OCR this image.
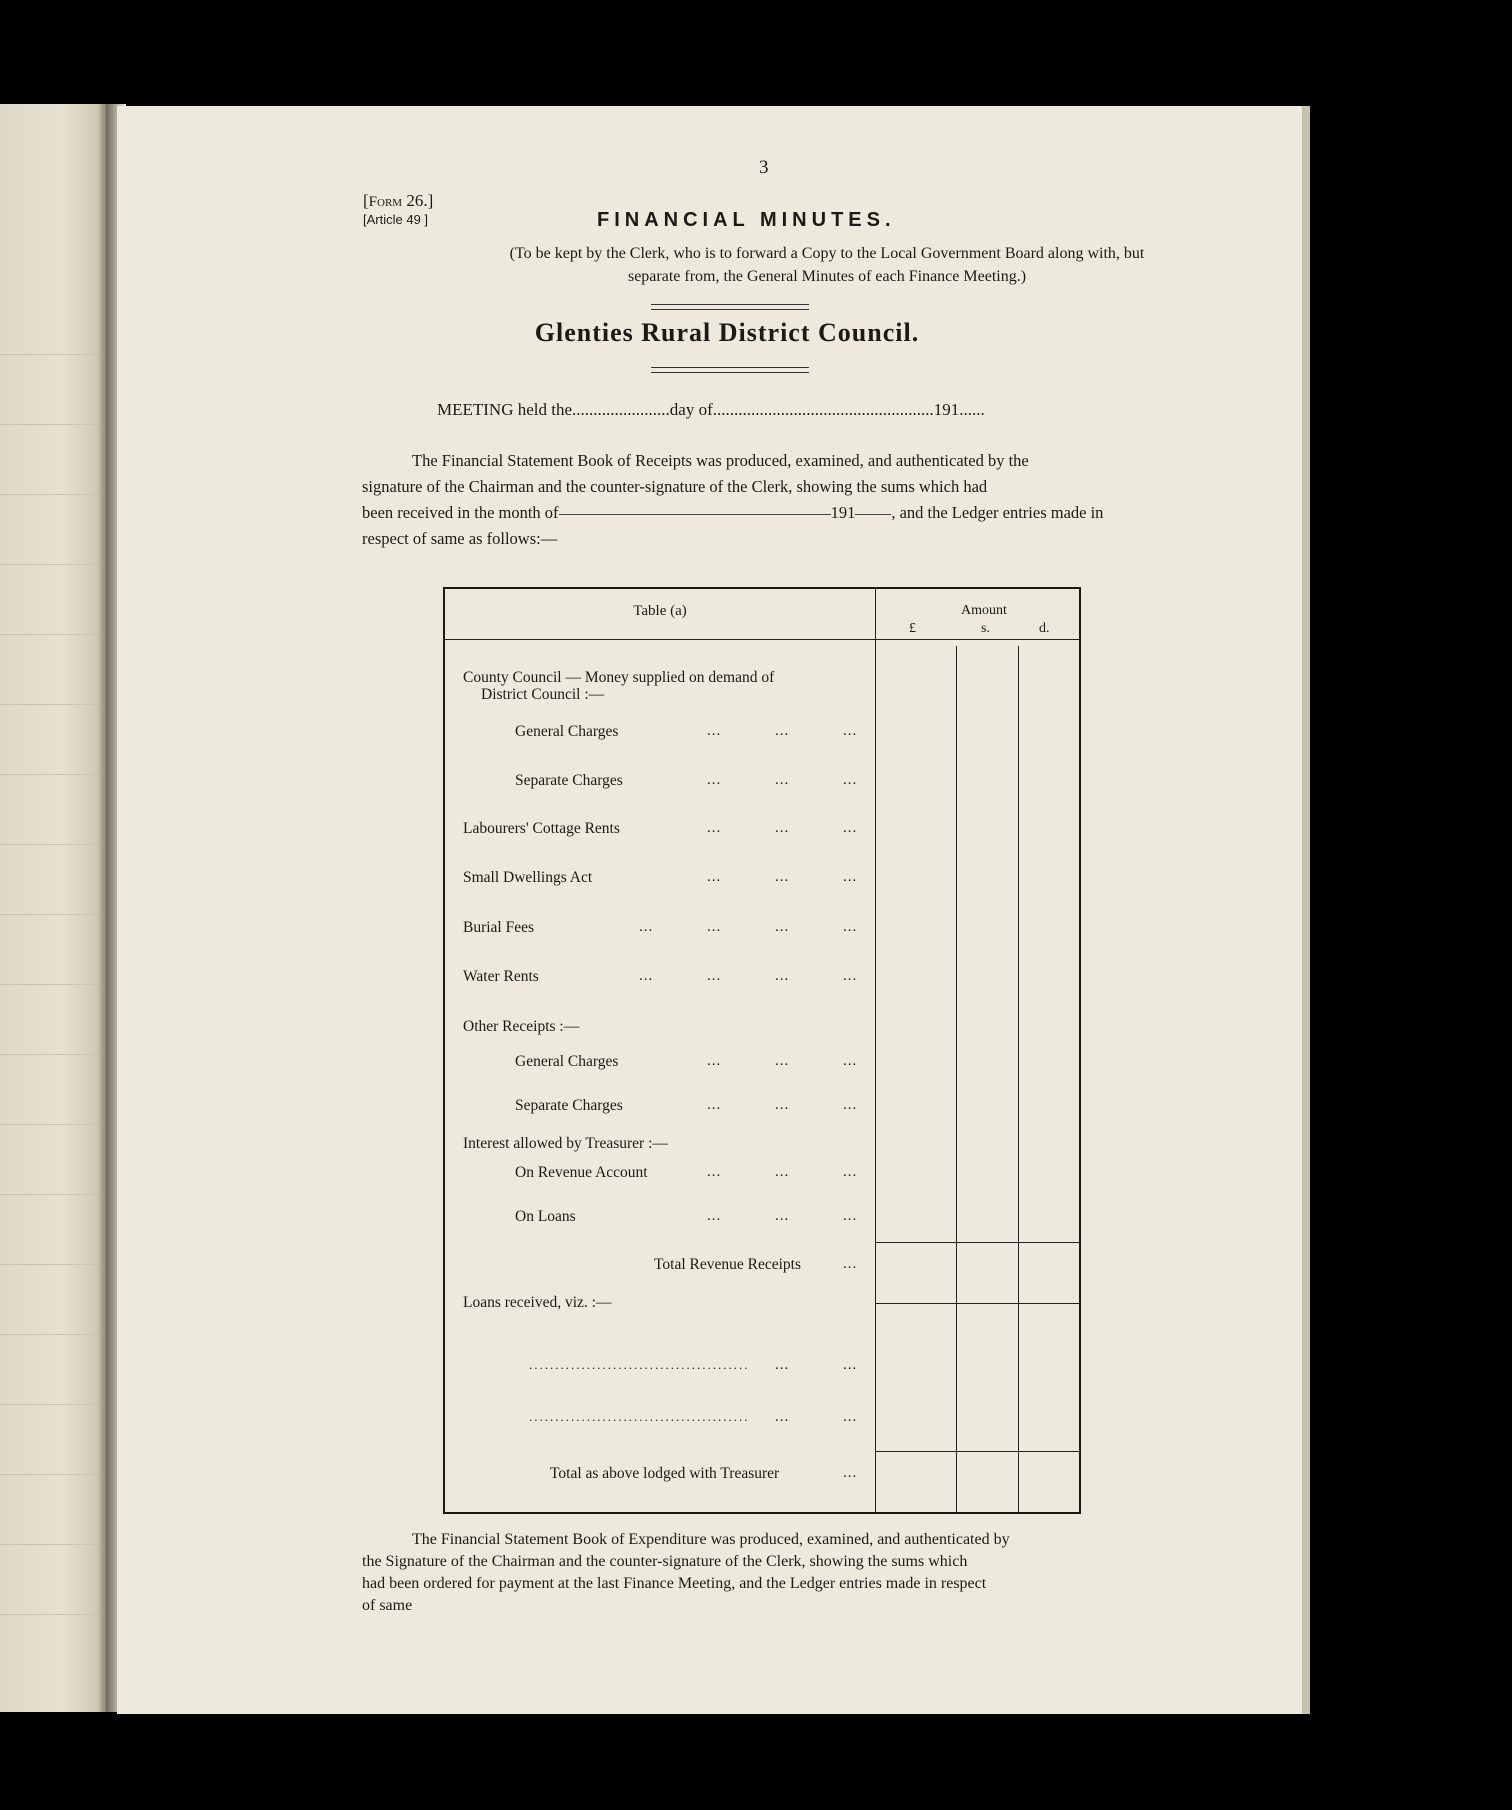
3
[Form 26.]
[Article 49 ]	FINANCIAL MINUTES.
(To be kept by the Clerk, who is to forward a Copy to the Local Government Board along with, but
separate from, the General Minutes of each Finance Meeting.)
Glenties Rural District Council.
MEETING held the.......................day of....................................................191......
The Financial Statement Book of Receipts was produced, examined, and authenticated by the
signature of the Chairman and the counter-signature of the Clerk, showing the sums which had
been received in the month of	191 , and the Ledger entries made in
respect of same as follows:—
Table (a)	Amount
£	s.	d.
County Council — Money supplied on demand of
District Council :—
General Charges	...	...	...
Separate Charges	...	...	...
Labourers' Cottage Rents	...	...	...
Small Dwellings Act	...	...	...
Burial Fees	...	...	...	...
Water Rents	...	...	...	...
Other Receipts :—
General Charges	...	...	...
Separate Charges	...	...	...
Interest allowed by Treasurer :—
On Revenue Account	...	...	...
On Loans	...	...	...
Total Revenue Receipts	...
Loans received, viz. :—
.......................................... ...	...
.......................................... ...	...
Total as above lodged with Treasurer	...
The Financial Statement Book of Expenditure was produced, examined, and authenticated by
the Signature of the Chairman and the counter-signature of the Clerk, showing the sums which
had been ordered for payment at the last Finance Meeting, and the Ledger entries made in respect
of same
